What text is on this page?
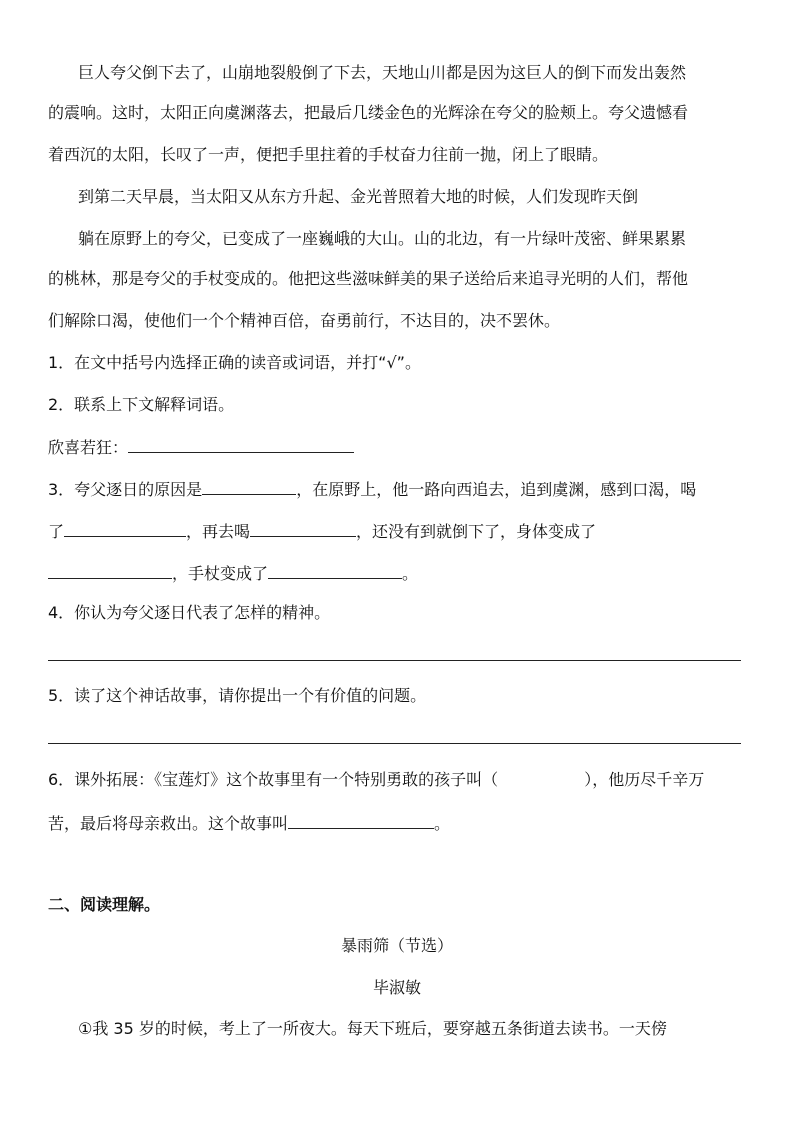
巨人夸父倒下去了，山崩地裂般倒了下去，天地山川都是因为这巨人的倒下而发出轰然
的震响。这时，太阳正向虞渊落去，把最后几缕金色的光辉涂在夸父的脸颊上。夸父遗憾看
着西沉的太阳，长叹了一声，便把手里拄着的手杖奋力往前一抛，闭上了眼睛。
到第二天早晨，当太阳又从东方升起、金光普照着大地的时候，人们发现昨天倒
躺在原野上的夸父，已变成了一座巍峨的大山。山的北边，有一片绿叶茂密、鲜果累累
的桃林，那是夸父的手杖变成的。他把这些滋味鲜美的果子送给后来追寻光明的人们，帮他
们解除口渴，使他们一个个精神百倍，奋勇前行，不达目的，决不罢休。
1．在文中括号内选择正确的读音或词语，并打“√”。
2．联系上下文解释词语。
欣喜若狂：
3．夸父逐日的原因是	，在原野上，他一路向西追去，追到虞渊，感到口渴，喝
了	，再去喝	，还没有到就倒下了，身体变成了
，手杖变成了	。
4．你认为夸父逐日代表了怎样的精神。
5．读了这个神话故事，请你提出一个有价值的问题。
6．课外拓展：《宝莲灯》这个故事里有一个特别勇敢的孩子叫（	），他历尽千辛万
苦，最后将母亲救出。这个故事叫	。
二、阅读理解。
暴雨筛（节选）
毕淑敏
①我 35 岁的时候，考上了一所夜大。每天下班后，要穿越五条街道去读书。一天傍
